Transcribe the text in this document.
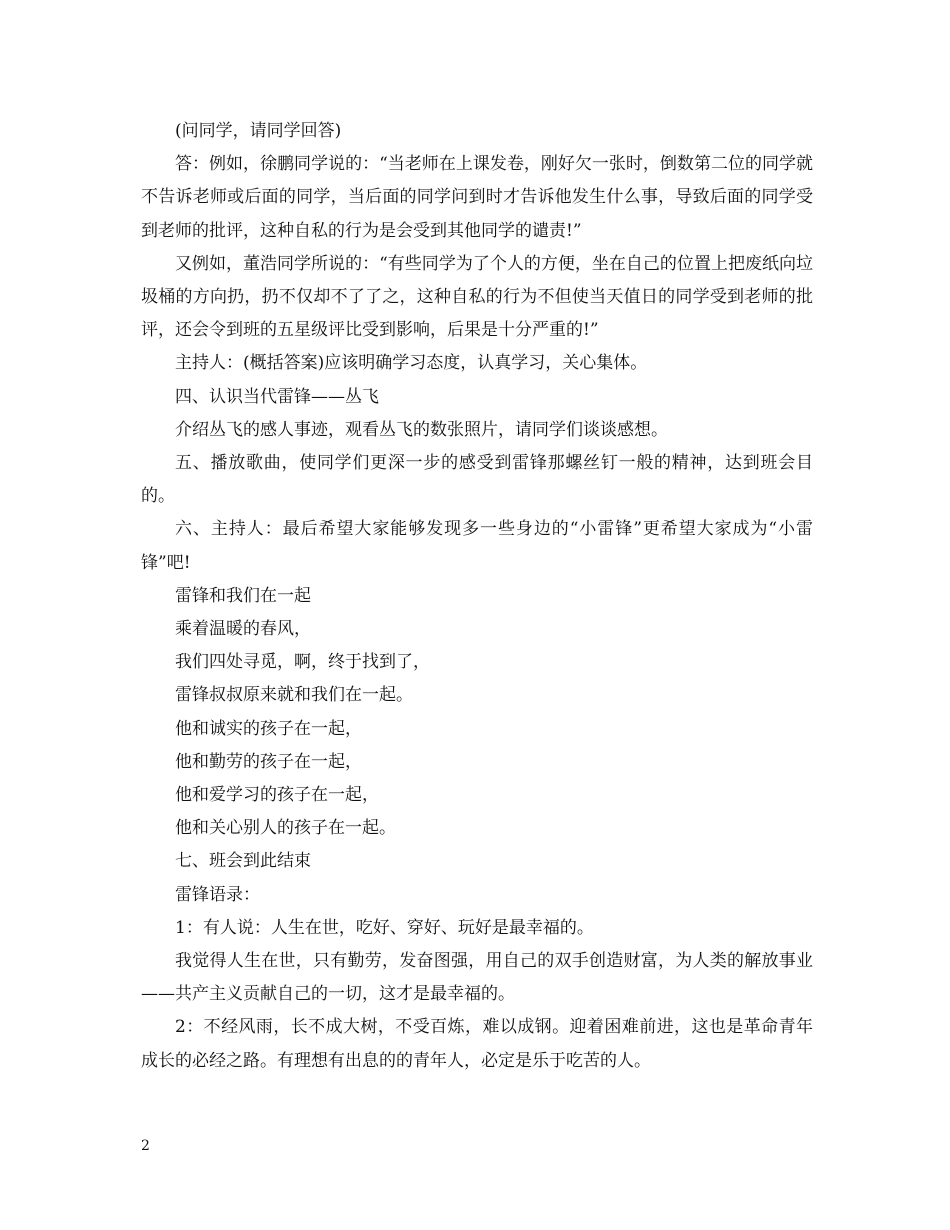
(问同学，请同学回答)

答：例如，徐鹏同学说的：“当老师在上课发卷，刚好欠一张时，倒数第二位的同学就不告诉老师或后面的同学，当后面的同学问到时才告诉他发生什么事，导致后面的同学受到老师的批评，这种自私的行为是会受到其他同学的谴责!”

又例如，董浩同学所说的：“有些同学为了个人的方便，坐在自己的位置上把废纸向垃圾桶的方向扔，扔不仅却不了了之，这种自私的行为不但使当天值日的同学受到老师的批评，还会令到班的五星级评比受到影响，后果是十分严重的!”

主持人：(概括答案)应该明确学习态度，认真学习，关心集体。

四、认识当代雷锋——丛飞

介绍丛飞的感人事迹，观看丛飞的数张照片，请同学们谈谈感想。

五、播放歌曲，使同学们更深一步的感受到雷锋那螺丝钉一般的精神，达到班会目的。

六、主持人：最后希望大家能够发现多一些身边的“小雷锋”更希望大家成为“小雷锋”吧!

雷锋和我们在一起

乘着温暖的春风，

我们四处寻觅，啊，终于找到了，

雷锋叔叔原来就和我们在一起。

他和诚实的孩子在一起，

他和勤劳的孩子在一起，

他和爱学习的孩子在一起，

他和关心别人的孩子在一起。

七、班会到此结束

雷锋语录：

1：有人说：人生在世，吃好、穿好、玩好是最幸福的。

我觉得人生在世，只有勤劳，发奋图强，用自己的双手创造财富，为人类的解放事业——共产主义贡献自己的一切，这才是最幸福的。

2：不经风雨，长不成大树，不受百炼，难以成钢。迎着困难前进，这也是革命青年成长的必经之路。有理想有出息的的青年人，必定是乐于吃苦的人。

2
